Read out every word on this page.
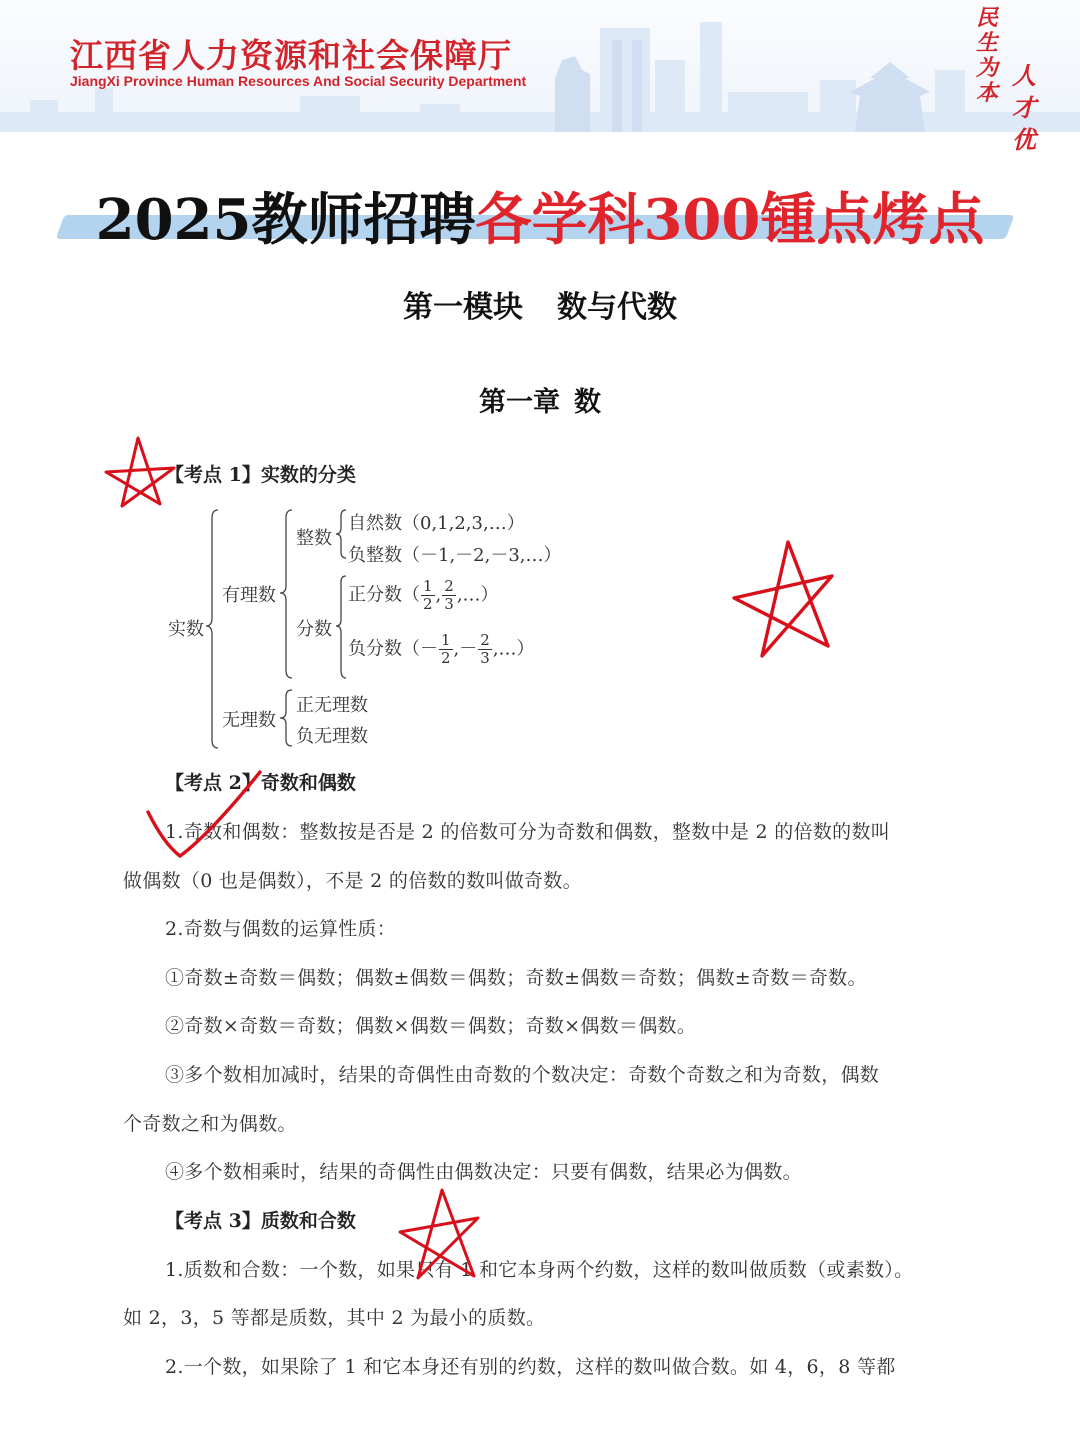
江西省人力资源和社会保障厅
JiangXi Province Human Resources And Social Security Department
民
生
为
本
人
才
优
2025教师招聘各学科300锺点烤点
第一模块 数与代数
第一章 数
【考点 1】实数的分类
实数
有理数
整数
自然数（0,1,2,3,…）
负整数（－1,－2,－3,…）
分数
正分数（ $\frac{1}{2}$ , $\frac{2}{3}$ ,…）
负分数（－ $\frac{1}{2}$ ,－ $\frac{2}{3}$ ,…）
无理数
正无理数
负无理数
【考点 2】奇数和偶数
1.奇数和偶数：整数按是否是 2 的倍数可分为奇数和偶数，整数中是 2 的倍数的数叫
做偶数（0 也是偶数），不是 2 的倍数的数叫做奇数。
2.奇数与偶数的运算性质：
①奇数±奇数＝偶数；偶数±偶数＝偶数；奇数±偶数＝奇数；偶数±奇数＝奇数。
②奇数×奇数＝奇数；偶数×偶数＝偶数；奇数×偶数＝偶数。
③多个数相加减时，结果的奇偶性由奇数的个数决定：奇数个奇数之和为奇数，偶数
个奇数之和为偶数。
④多个数相乘时，结果的奇偶性由偶数决定：只要有偶数，结果必为偶数。
【考点 3】质数和合数
1.质数和合数：一个数，如果只有 1 和它本身两个约数，这样的数叫做质数（或素数）。
如 2，3，5 等都是质数，其中 2 为最小的质数。
2.一个数，如果除了 1 和它本身还有别的约数，这样的数叫做合数。如 4，6，8 等都
